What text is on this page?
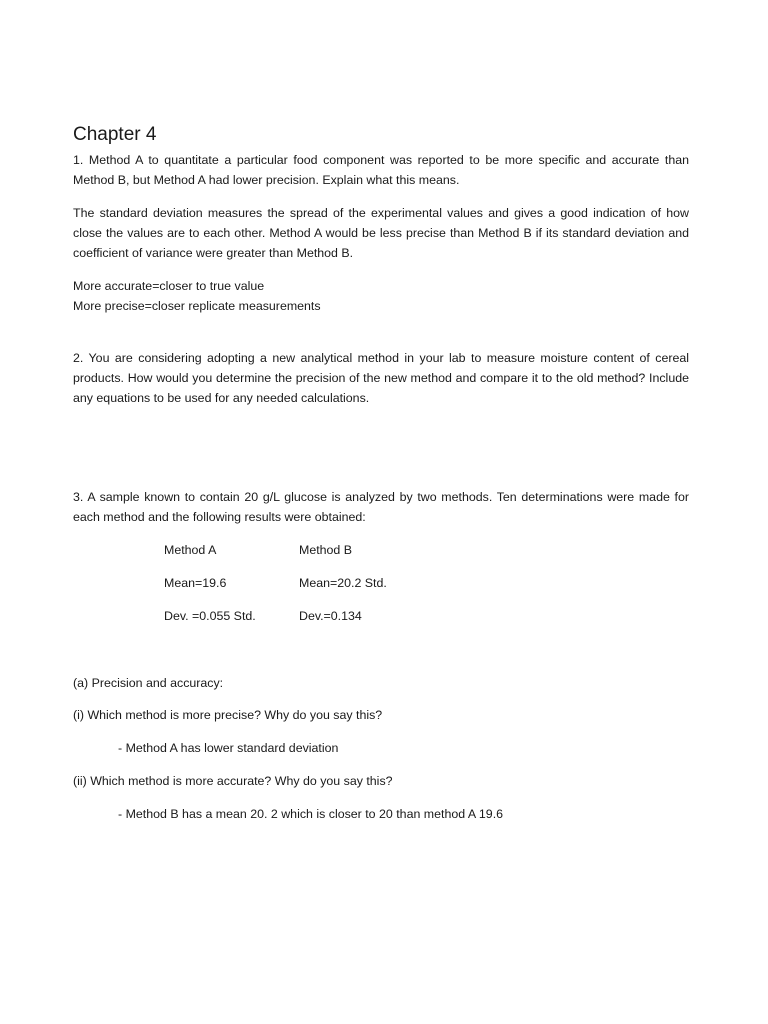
Chapter 4
1. Method A to quantitate a particular food component was reported to be more specific and accurate than Method B, but Method A had lower precision. Explain what this means.
The standard deviation measures the spread of the experimental values and gives a good indication of how close the values are to each other. Method A would be less precise than Method B if its standard deviation and coefficient of variance were greater than Method B.
More accurate=closer to true value
More precise=closer replicate measurements
2. You are considering adopting a new analytical method in your lab to measure moisture content of cereal products. How would you determine the precision of the new method and compare it to the old method? Include any equations to be used for any needed calculations.
3. A sample known to contain 20 g/L glucose is analyzed by two methods. Ten determinations were made for each method and the following results were obtained:
Method A	Method B
Mean=19.6	Mean=20.2 Std.
Dev. =0.055 Std.	Dev.=0.134
(a) Precision and accuracy:
(i) Which method is more precise? Why do you say this?
- Method A has lower standard deviation
(ii) Which method is more accurate? Why do you say this?
- Method B has a mean 20. 2 which is closer to 20 than method A 19.6
